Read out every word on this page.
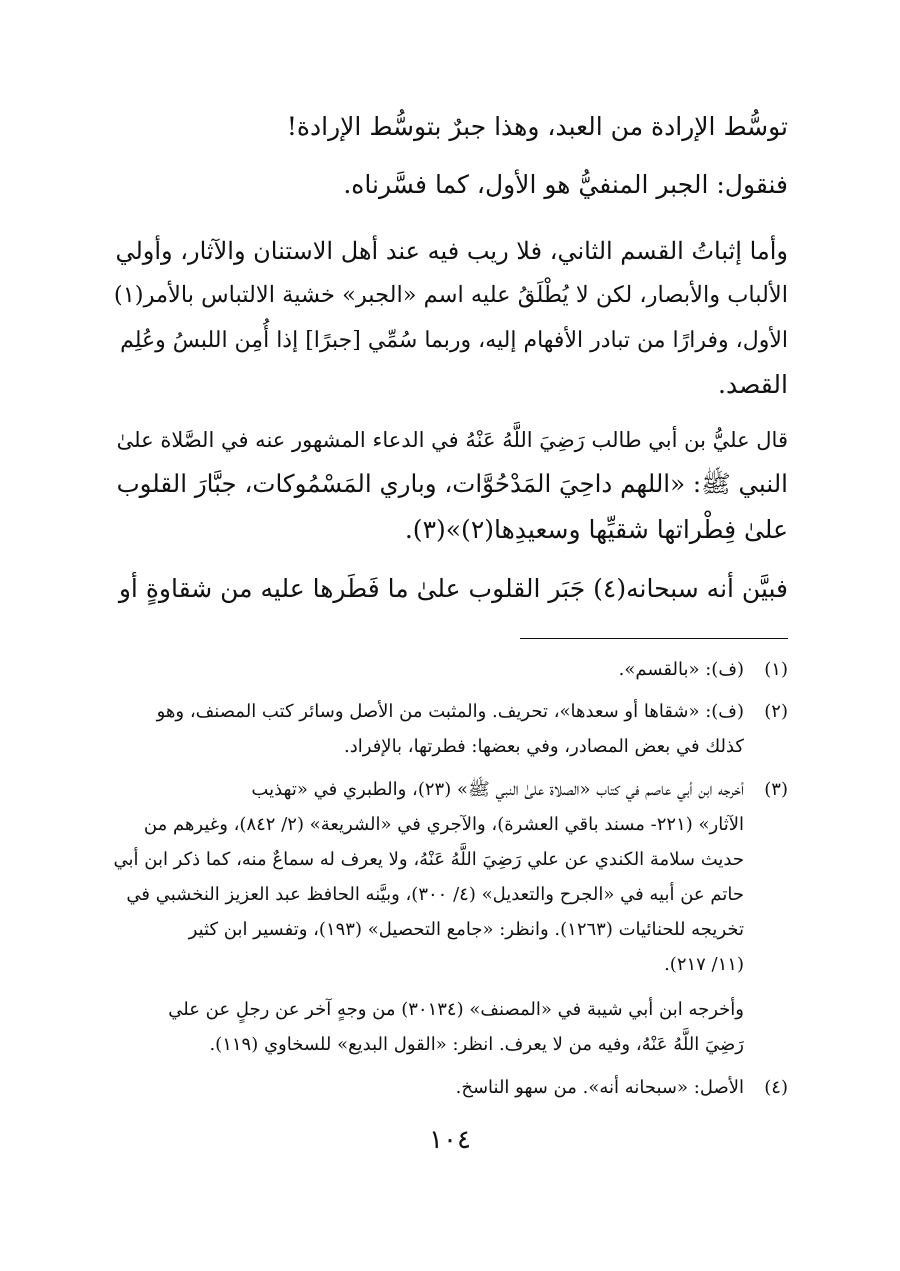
توسُّط الإرادة من العبد، وهذا جبرٌ بتوسُّط الإرادة!
فنقول: الجبر المنفيُّ هو الأول، كما فسَّرناه.
وأما إثباتُ القسم الثاني، فلا ريب فيه عند أهل الاستنان والآثار، وأولي
الألباب والأبصار، لكن لا يُطْلَقُ عليه اسم «الجبر» خشية الالتباس بالأمر(١)
الأول، وفرارًا من تبادر الأفهام إليه، وربما سُمِّي [جبرًا] إذا أُمِن اللبسُ وعُلِم
القصد.
قال عليُّ بن أبي طالب رَضِيَ اللَّهُ عَنْهُ في الدعاء المشهور عنه في الصَّلاة علىٰ
النبي ﷺ: «اللهم داحِيَ المَدْحُوَّات، وباري المَسْمُوكات، جبَّارَ القلوب
علىٰ فِطْراتها شقيِّها وسعيدِها(٢)»(٣).
فبيَّن أنه سبحانه(٤) جَبَر القلوب علىٰ ما فَطَرها عليه من شقاوةٍ أو
(١)
(ف): «بالقسم».
(٢)
(ف): «شقاها أو سعدها»، تحريف. والمثبت من الأصل وسائر كتب المصنف، وهو
كذلك في بعض المصادر، وفي بعضها: فطرتها، بالإفراد.
(٣)
أخرجه ابن أبي عاصم في كتاب «الصلاة علىٰ النبي ﷺ» (٢٣)، والطبري في «تهذيب
الآثار» (٢٢١- مسند باقي العشرة)، والآجري في «الشريعة» (٢/ ٨٤٢)، وغيرهم من
حديث سلامة الكندي عن علي رَضِيَ اللَّهُ عَنْهُ، ولا يعرف له سماعٌ منه، كما ذكر ابن أبي
حاتم عن أبيه في «الجرح والتعديل» (٤/ ٣٠٠)، وبيَّنه الحافظ عبد العزيز النخشبي في
تخريجه للحنائيات (١٢٦٣). وانظر: «جامع التحصيل» (١٩٣)، وتفسير ابن كثير
(١١/ ٢١٧).
وأخرجه ابن أبي شيبة في «المصنف» (٣٠١٣٤) من وجهٍ آخر عن رجلٍ عن علي
رَضِيَ اللَّهُ عَنْهُ، وفيه من لا يعرف. انظر: «القول البديع» للسخاوي (١١٩).
(٤)
الأصل: «سبحانه أنه». من سهو الناسخ.
١٠٤
